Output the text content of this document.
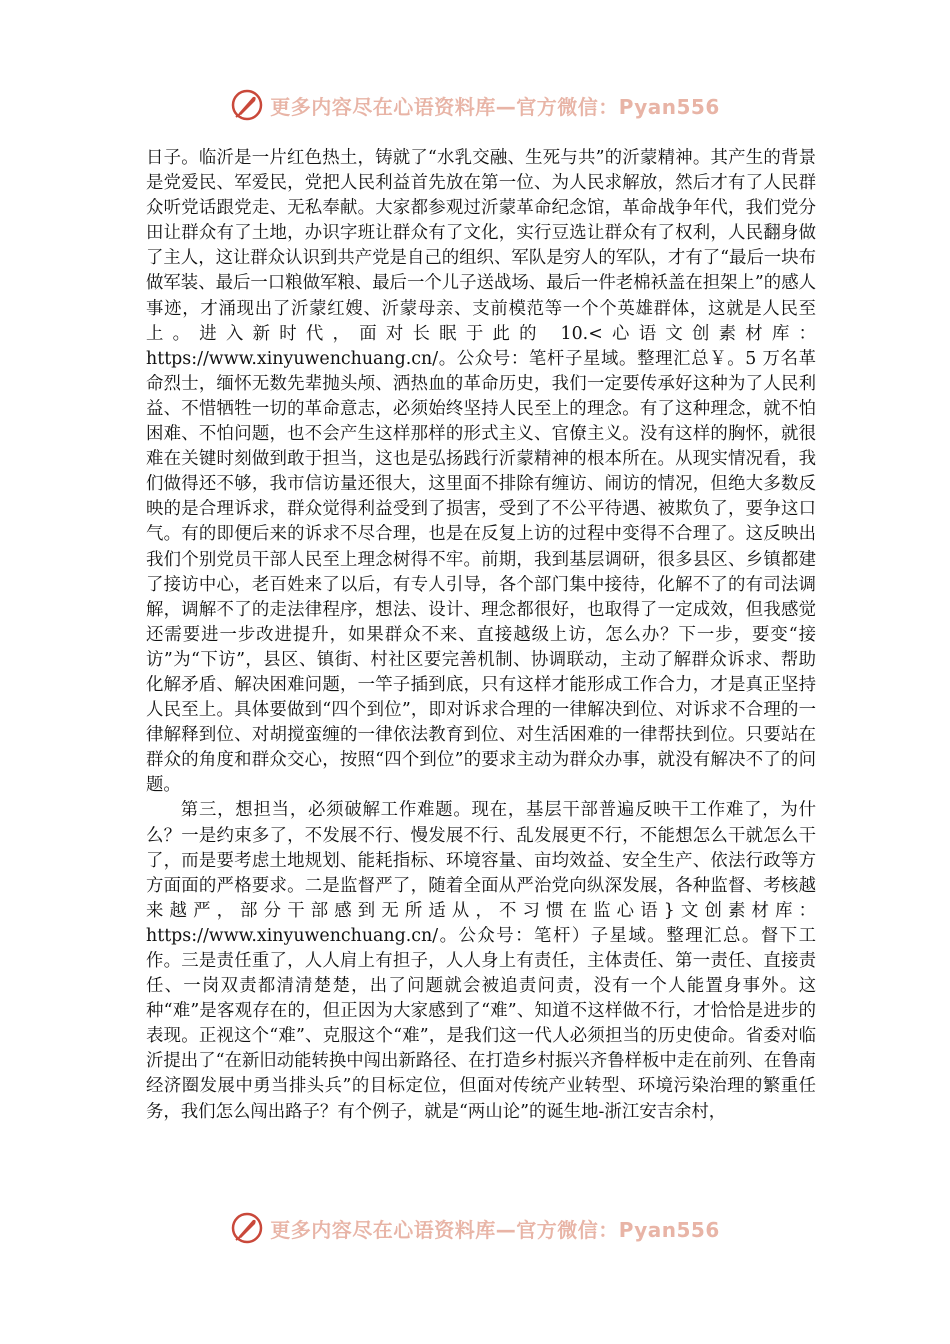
更多内容尽在心语资料库—官方微信：Pyan556

日子。临沂是一片红色热土，铸就了“水乳交融、生死与共”的沂蒙精神。其产生的背景是党爱民、军爱民，党把人民利益首先放在第一位、为人民求解放，然后才有了人民群众听党话跟党走、无私奉献。大家都参观过沂蒙革命纪念馆，革命战争年代，我们党分田让群众有了土地，办识字班让群众有了文化，实行豆选让群众有了权利，人民翻身做了主人，这让群众认识到共产党是自己的组织、军队是穷人的军队，才有了“最后一块布做军装、最后一口粮做军粮、最后一个儿子送战场、最后一件老棉袄盖在担架上”的感人事迹，才涌现出了沂蒙红嫂、沂蒙母亲、支前模范等一个个英雄群体，这就是人民至上。进入新时代，面对长眠于此的 10.<心语文创素材库：https://www.xinyuwenchuang.cn/。公众号：笔杆子星域。整理汇总￥。5 万名革命烈士，缅怀无数先辈抛头颅、洒热血的革命历史，我们一定要传承好这种为了人民利益、不惜牺牲一切的革命意志，必须始终坚持人民至上的理念。有了这种理念，就不怕困难、不怕问题，也不会产生这样那样的形式主义、官僚主义。没有这样的胸怀，就很难在关键时刻做到敢于担当，这也是弘扬践行沂蒙精神的根本所在。从现实情况看，我们做得还不够，我市信访量还很大，这里面不排除有缠访、闹访的情况，但绝大多数反映的是合理诉求，群众觉得利益受到了损害，受到了不公平待遇、被欺负了，要争这口气。有的即便后来的诉求不尽合理，也是在反复上访的过程中变得不合理了。这反映出我们个别党员干部人民至上理念树得不牢。前期，我到基层调研，很多县区、乡镇都建了接访中心，老百姓来了以后，有专人引导，各个部门集中接待，化解不了的有司法调解，调解不了的走法律程序，想法、设计、理念都很好，也取得了一定成效，但我感觉还需要进一步改进提升，如果群众不来、直接越级上访，怎么办？下一步，要变“接访”为“下访”，县区、镇街、村社区要完善机制、协调联动，主动了解群众诉求、帮助化解矛盾、解决困难问题，一竿子插到底，只有这样才能形成工作合力，才是真正坚持人民至上。具体要做到“四个到位”，即对诉求合理的一律解决到位、对诉求不合理的一律解释到位、对胡搅蛮缠的一律依法教育到位、对生活困难的一律帮扶到位。只要站在群众的角度和群众交心，按照“四个到位”的要求主动为群众办事，就没有解决不了的问题。

第三，想担当，必须破解工作难题。现在，基层干部普遍反映干工作难了，为什么？一是约束多了，不发展不行、慢发展不行、乱发展更不行，不能想怎么干就怎么干了，而是要考虑土地规划、能耗指标、环境容量、亩均效益、安全生产、依法行政等方方面面的严格要求。二是监督严了，随着全面从严治党向纵深发展，各种监督、考核越来越严，部分干部感到无所适从，不习惯在监心语}文创素材库：https://www.xinyuwenchuang.cn/。公众号：笔杆）子星域。整理汇总。督下工作。三是责任重了，人人肩上有担子，人人身上有责任，主体责任、第一责任、直接责任、一岗双责都清清楚楚，出了问题就会被追责问责，没有一个人能置身事外。这种“难”是客观存在的，但正因为大家感到了“难”、知道不这样做不行，才恰恰是进步的表现。正视这个“难”、克服这个“难”，是我们这一代人必须担当的历史使命。省委对临沂提出了“在新旧动能转换中闯出新路径、在打造乡村振兴齐鲁样板中走在前列、在鲁南经济圈发展中勇当排头兵”的目标定位，但面对传统产业转型、环境污染治理的繁重任务，我们怎么闯出路子？有个例子，就是“两山论”的诞生地-浙江安吉余村，

更多内容尽在心语资料库—官方微信：Pyan556
